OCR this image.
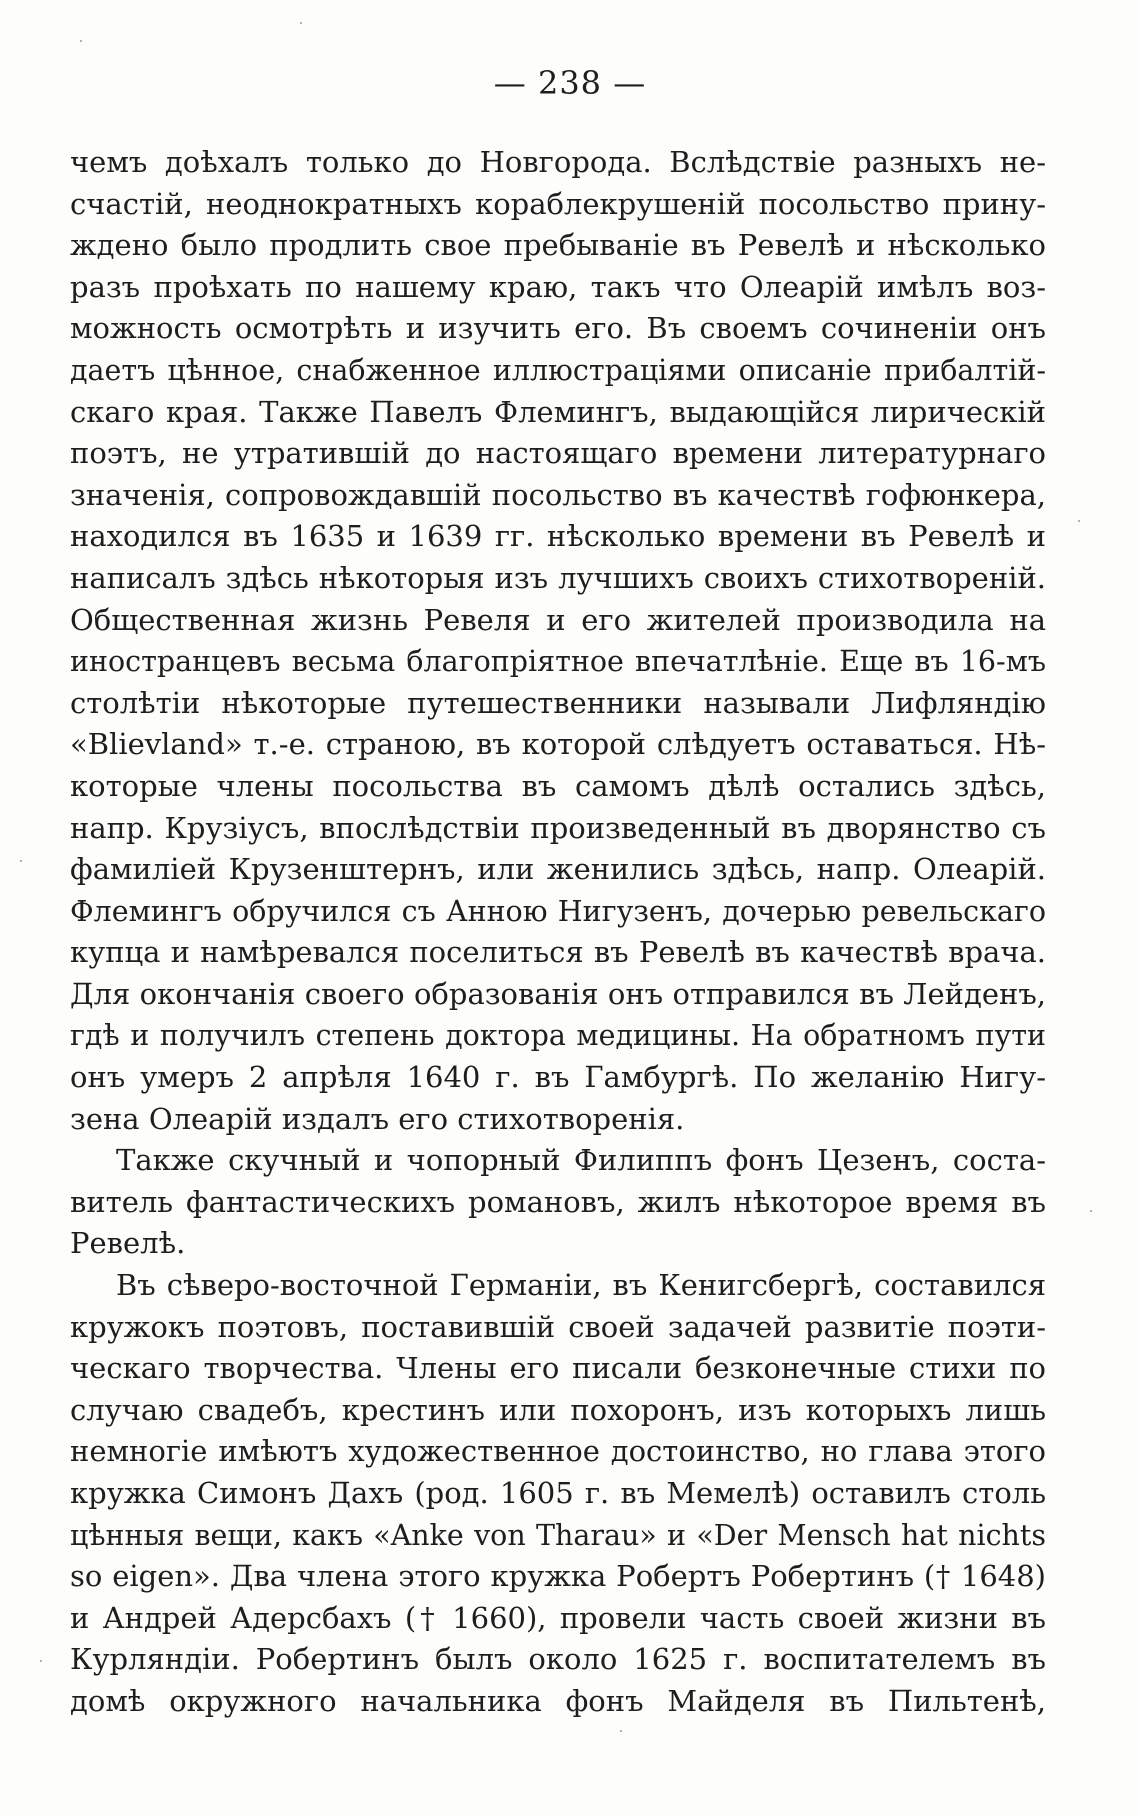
— 238 —
чемъ доѣхалъ только до Новгорода. Вслѣдствіе разныхъ не-
счастій, неоднократныхъ кораблекрушеній посольство прину-
ждено было продлить свое пребываніе въ Ревелѣ и нѣсколько
разъ проѣхать по нашему краю, такъ что Олеарій имѣлъ воз-
можность осмотрѣть и изучить его. Въ своемъ сочиненіи онъ
даетъ цѣнное, снабженное иллюстраціями описаніе прибалтій-
скаго края. Также Павелъ Флемингъ, выдающійся лирическій
поэтъ, не утратившій до настоящаго времени литературнаго
значенія, сопровождавшій посольство въ качествѣ гофюнкера,
находился въ 1635 и 1639 гг. нѣсколько времени въ Ревелѣ и
написалъ здѣсь нѣкоторыя изъ лучшихъ своихъ стихотвореній.
Общественная жизнь Ревеля и его жителей производила на
иностранцевъ весьма благопріятное впечатлѣніе. Еще въ 16-мъ
столѣтіи нѣкоторые путешественники называли Лифляндію
«Blievland» т.-е. страною, въ которой слѣдуетъ оставаться. Нѣ-
которые члены посольства въ самомъ дѣлѣ остались здѣсь,
напр. Крузіусъ, впослѣдствіи произведенный въ дворянство съ
фамиліей Крузенштернъ, или женились здѣсь, напр. Олеарій.
Флемингъ обручился съ Анною Нигузенъ, дочерью ревельскаго
купца и намѣревался поселиться въ Ревелѣ въ качествѣ врача.
Для окончанія своего образованія онъ отправился въ Лейденъ,
гдѣ и получилъ степень доктора медицины. На обратномъ пути
онъ умеръ 2 апрѣля 1640 г. въ Гамбургѣ. По желанію Нигу-
зена Олеарій издалъ его стихотворенія.
Также скучный и чопорный Филиппъ фонъ Цезенъ, соста-
витель фантастическихъ романовъ, жилъ нѣкоторое время въ
Ревелѣ.
Въ сѣверо-восточной Германіи, въ Кенигсбергѣ, составился
кружокъ поэтовъ, поставившій своей задачей развитіе поэти-
ческаго творчества. Члены его писали безконечные стихи по
случаю свадебъ, крестинъ или похоронъ, изъ которыхъ лишь
немногіе имѣютъ художественное достоинство, но глава этого
кружка Симонъ Дахъ (род. 1605 г. въ Мемелѣ) оставилъ столь
цѣнныя вещи, какъ «Anke von Tharau» и «Der Mensch hat nichts
so eigen». Два члена этого кружка Робертъ Робертинъ († 1648)
и Андрей Адерсбахъ († 1660), провели часть своей жизни въ
Курляндіи. Робертинъ былъ около 1625 г. воспитателемъ въ
домѣ окружного начальника фонъ Майделя въ Пильтенѣ,
